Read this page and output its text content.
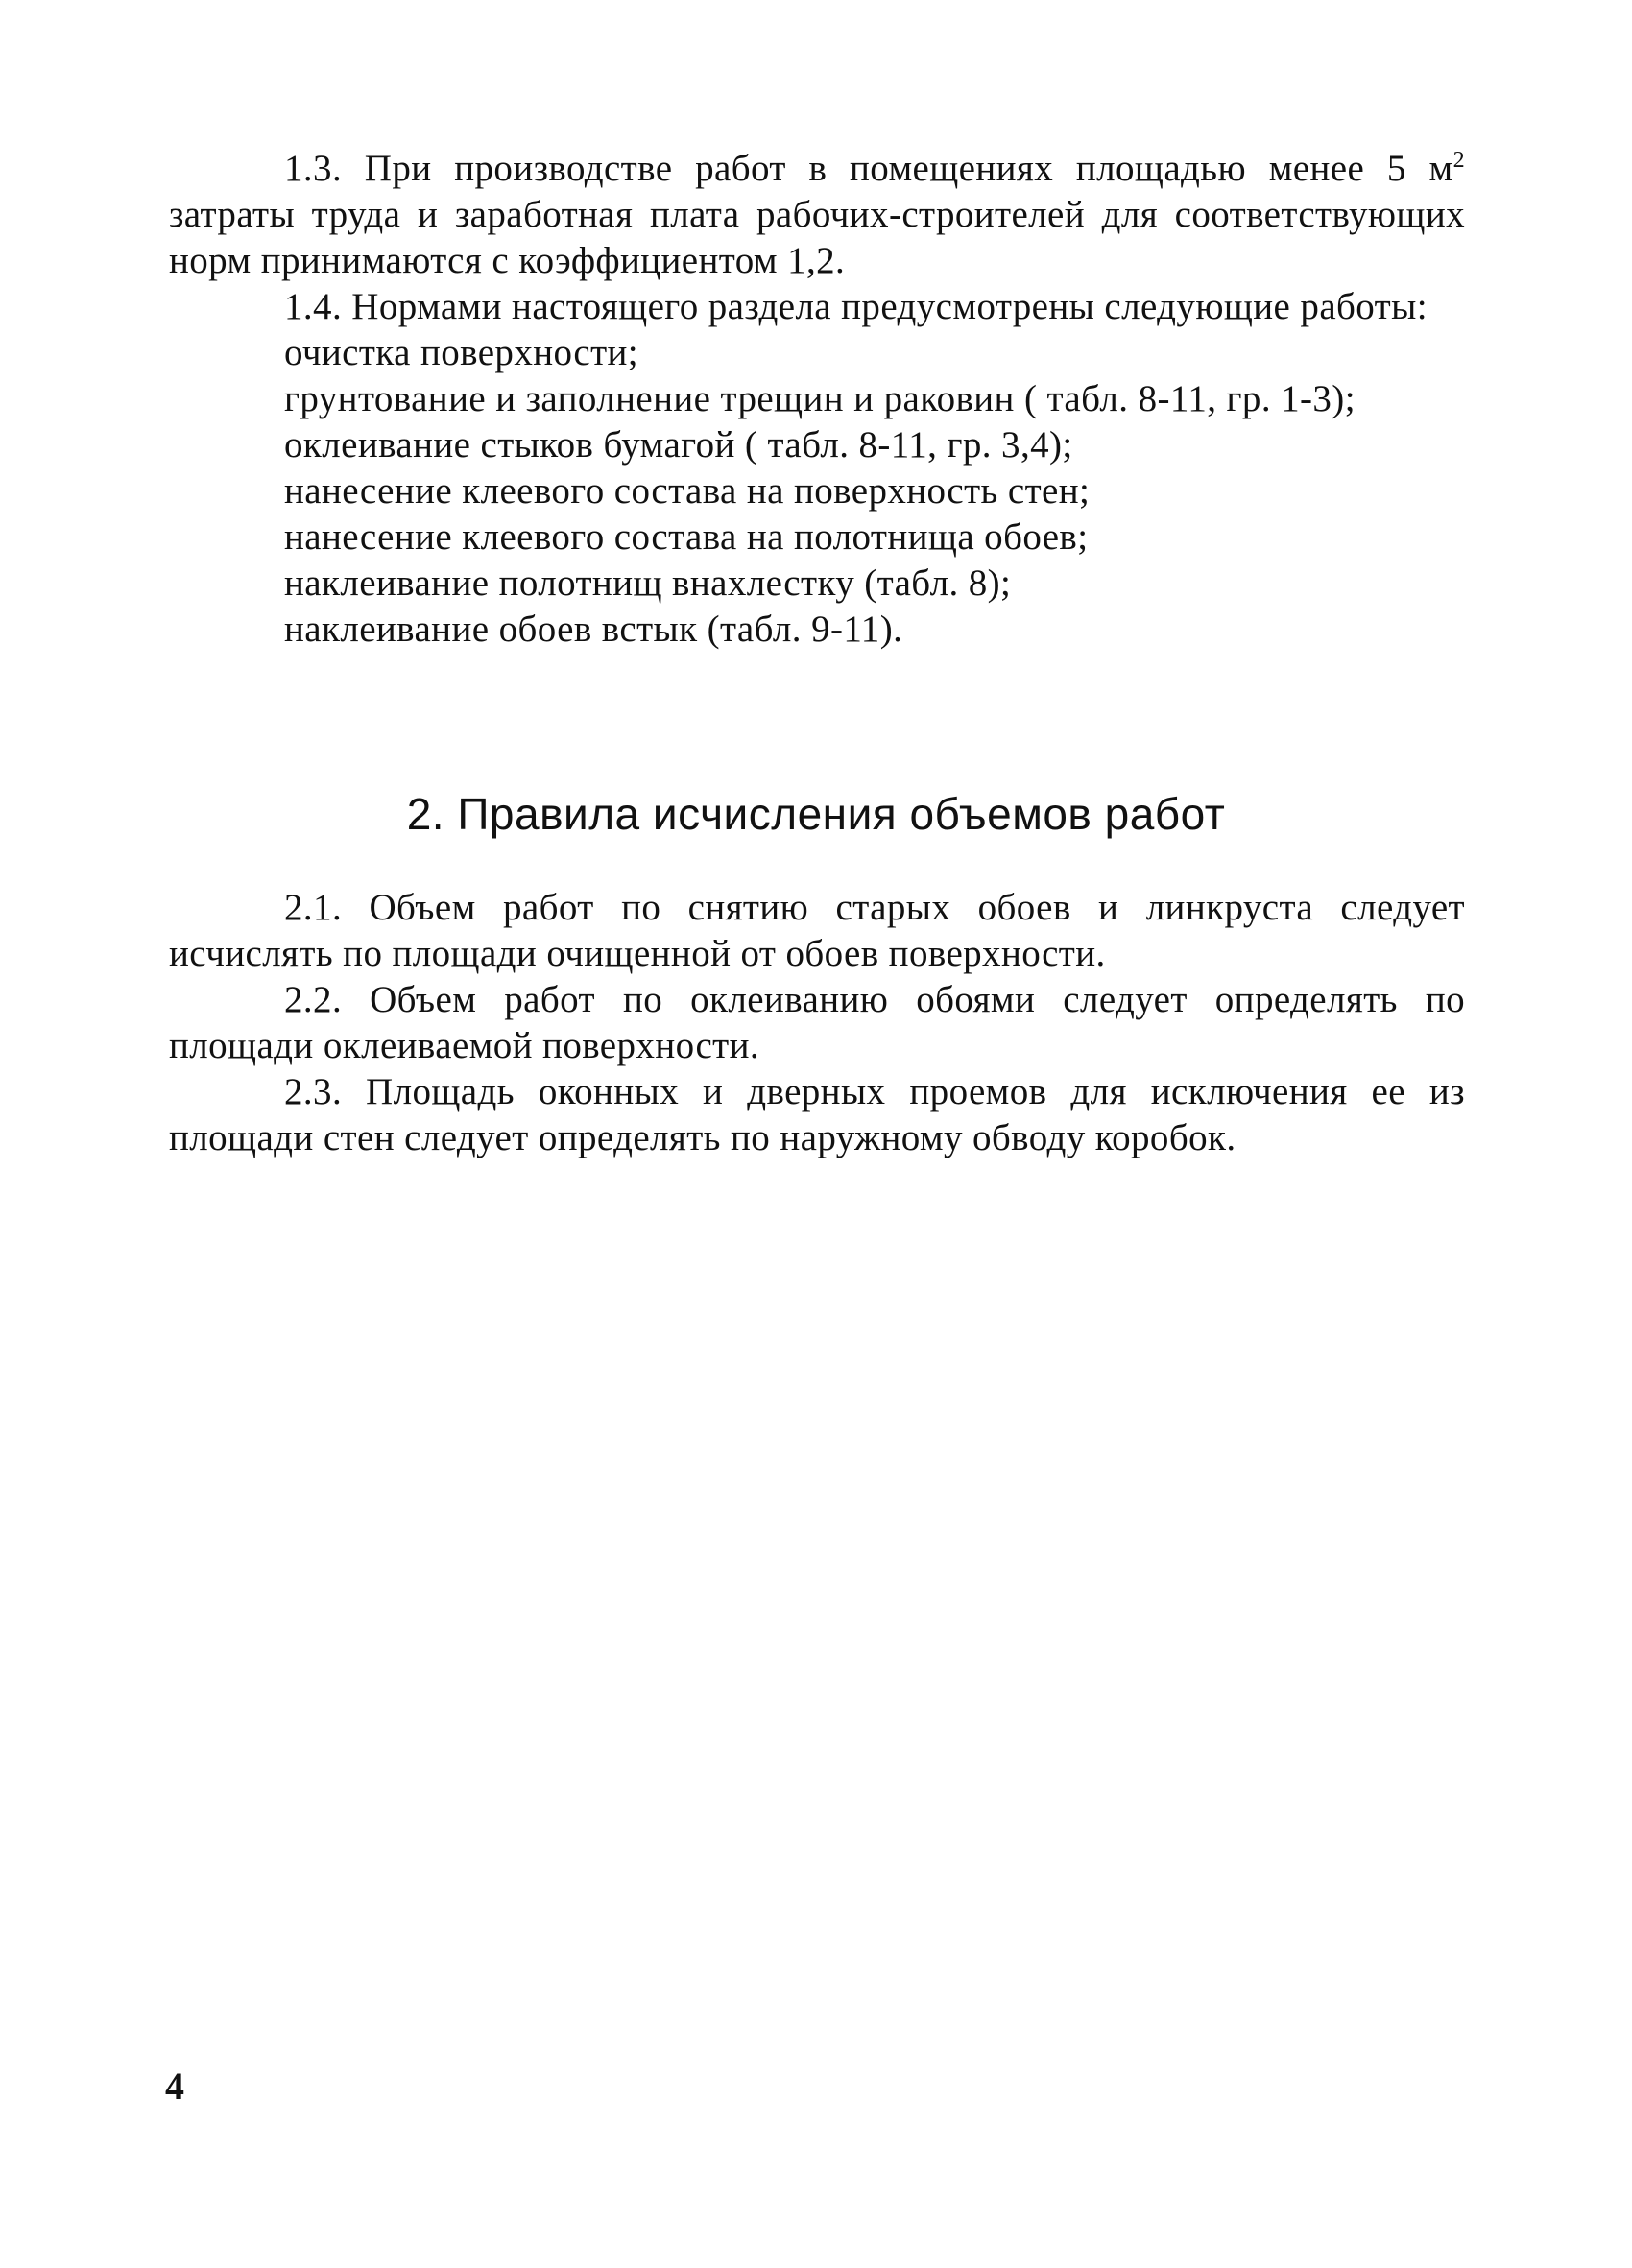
1.3. При производстве работ в помещениях площадью менее 5 $м^2$ затраты труда и заработная плата рабочих-строителей для соответствующих норм принимаются с коэффициентом 1,2.

1.4. Нормами настоящего раздела предусмотрены следующие работы:

очистка поверхности;

грунтование и заполнение трещин и раковин ( табл. 8-11, гр. 1-3);

оклеивание стыков бумагой ( табл. 8-11, гр. 3,4);

нанесение клеевого состава на поверхность стен;

нанесение клеевого состава на полотнища обоев;

наклеивание полотнищ внахлестку (табл. 8);

наклеивание обоев встык (табл. 9-11).

2. Правила исчисления объемов работ

2.1. Объем работ по снятию старых обоев и линкруста следует исчислять по площади очищенной от обоев поверхности.

2.2. Объем работ по оклеиванию обоями следует определять по площади оклеиваемой поверхности.

2.3. Площадь оконных и дверных проемов для исключения ее из площади стен следует определять по наружному обводу коробок.

4
